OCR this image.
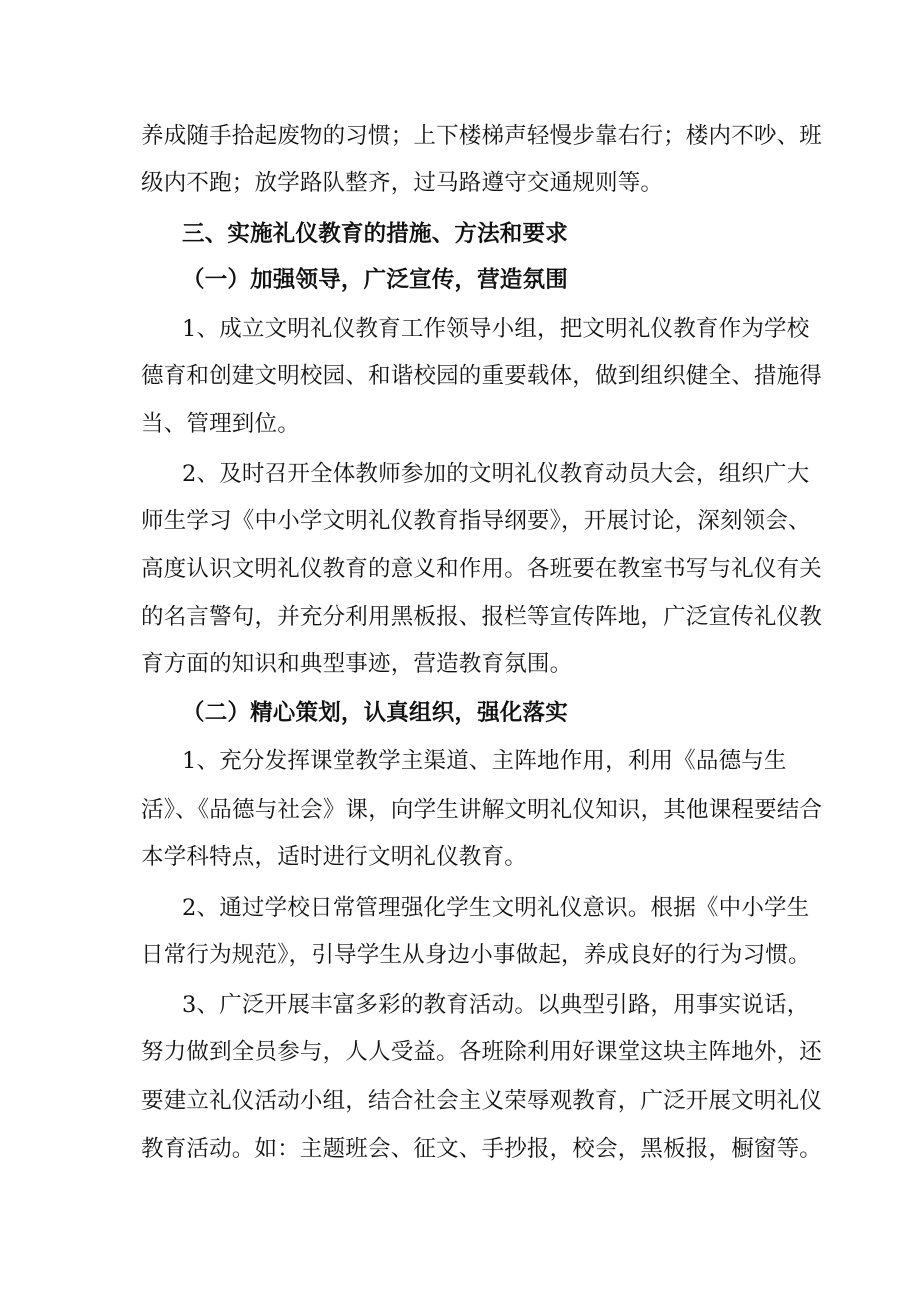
养成随手拾起废物的习惯；上下楼梯声轻慢步靠右行；楼内不吵、班
级内不跑；放学路队整齐，过马路遵守交通规则等。
三、实施礼仪教育的措施、方法和要求
（一）加强领导，广泛宣传，营造氛围
1、成立文明礼仪教育工作领导小组，把文明礼仪教育作为学校
德育和创建文明校园、和谐校园的重要载体，做到组织健全、措施得
当、管理到位。
2、及时召开全体教师参加的文明礼仪教育动员大会，组织广大
师生学习《中小学文明礼仪教育指导纲要》，开展讨论，深刻领会、
高度认识文明礼仪教育的意义和作用。各班要在教室书写与礼仪有关
的名言警句，并充分利用黑板报、报栏等宣传阵地，广泛宣传礼仪教
育方面的知识和典型事迹，营造教育氛围。
（二）精心策划，认真组织，强化落实
1、充分发挥课堂教学主渠道、主阵地作用，利用《品德与生
活》、《品德与社会》课，向学生讲解文明礼仪知识，其他课程要结合
本学科特点，适时进行文明礼仪教育。
2、通过学校日常管理强化学生文明礼仪意识。根据《中小学生
日常行为规范》，引导学生从身边小事做起，养成良好的行为习惯。
3、广泛开展丰富多彩的教育活动。以典型引路，用事实说话，
努力做到全员参与，人人受益。各班除利用好课堂这块主阵地外，还
要建立礼仪活动小组，结合社会主义荣辱观教育，广泛开展文明礼仪
教育活动。如：主题班会、征文、手抄报，校会，黑板报，橱窗等。
